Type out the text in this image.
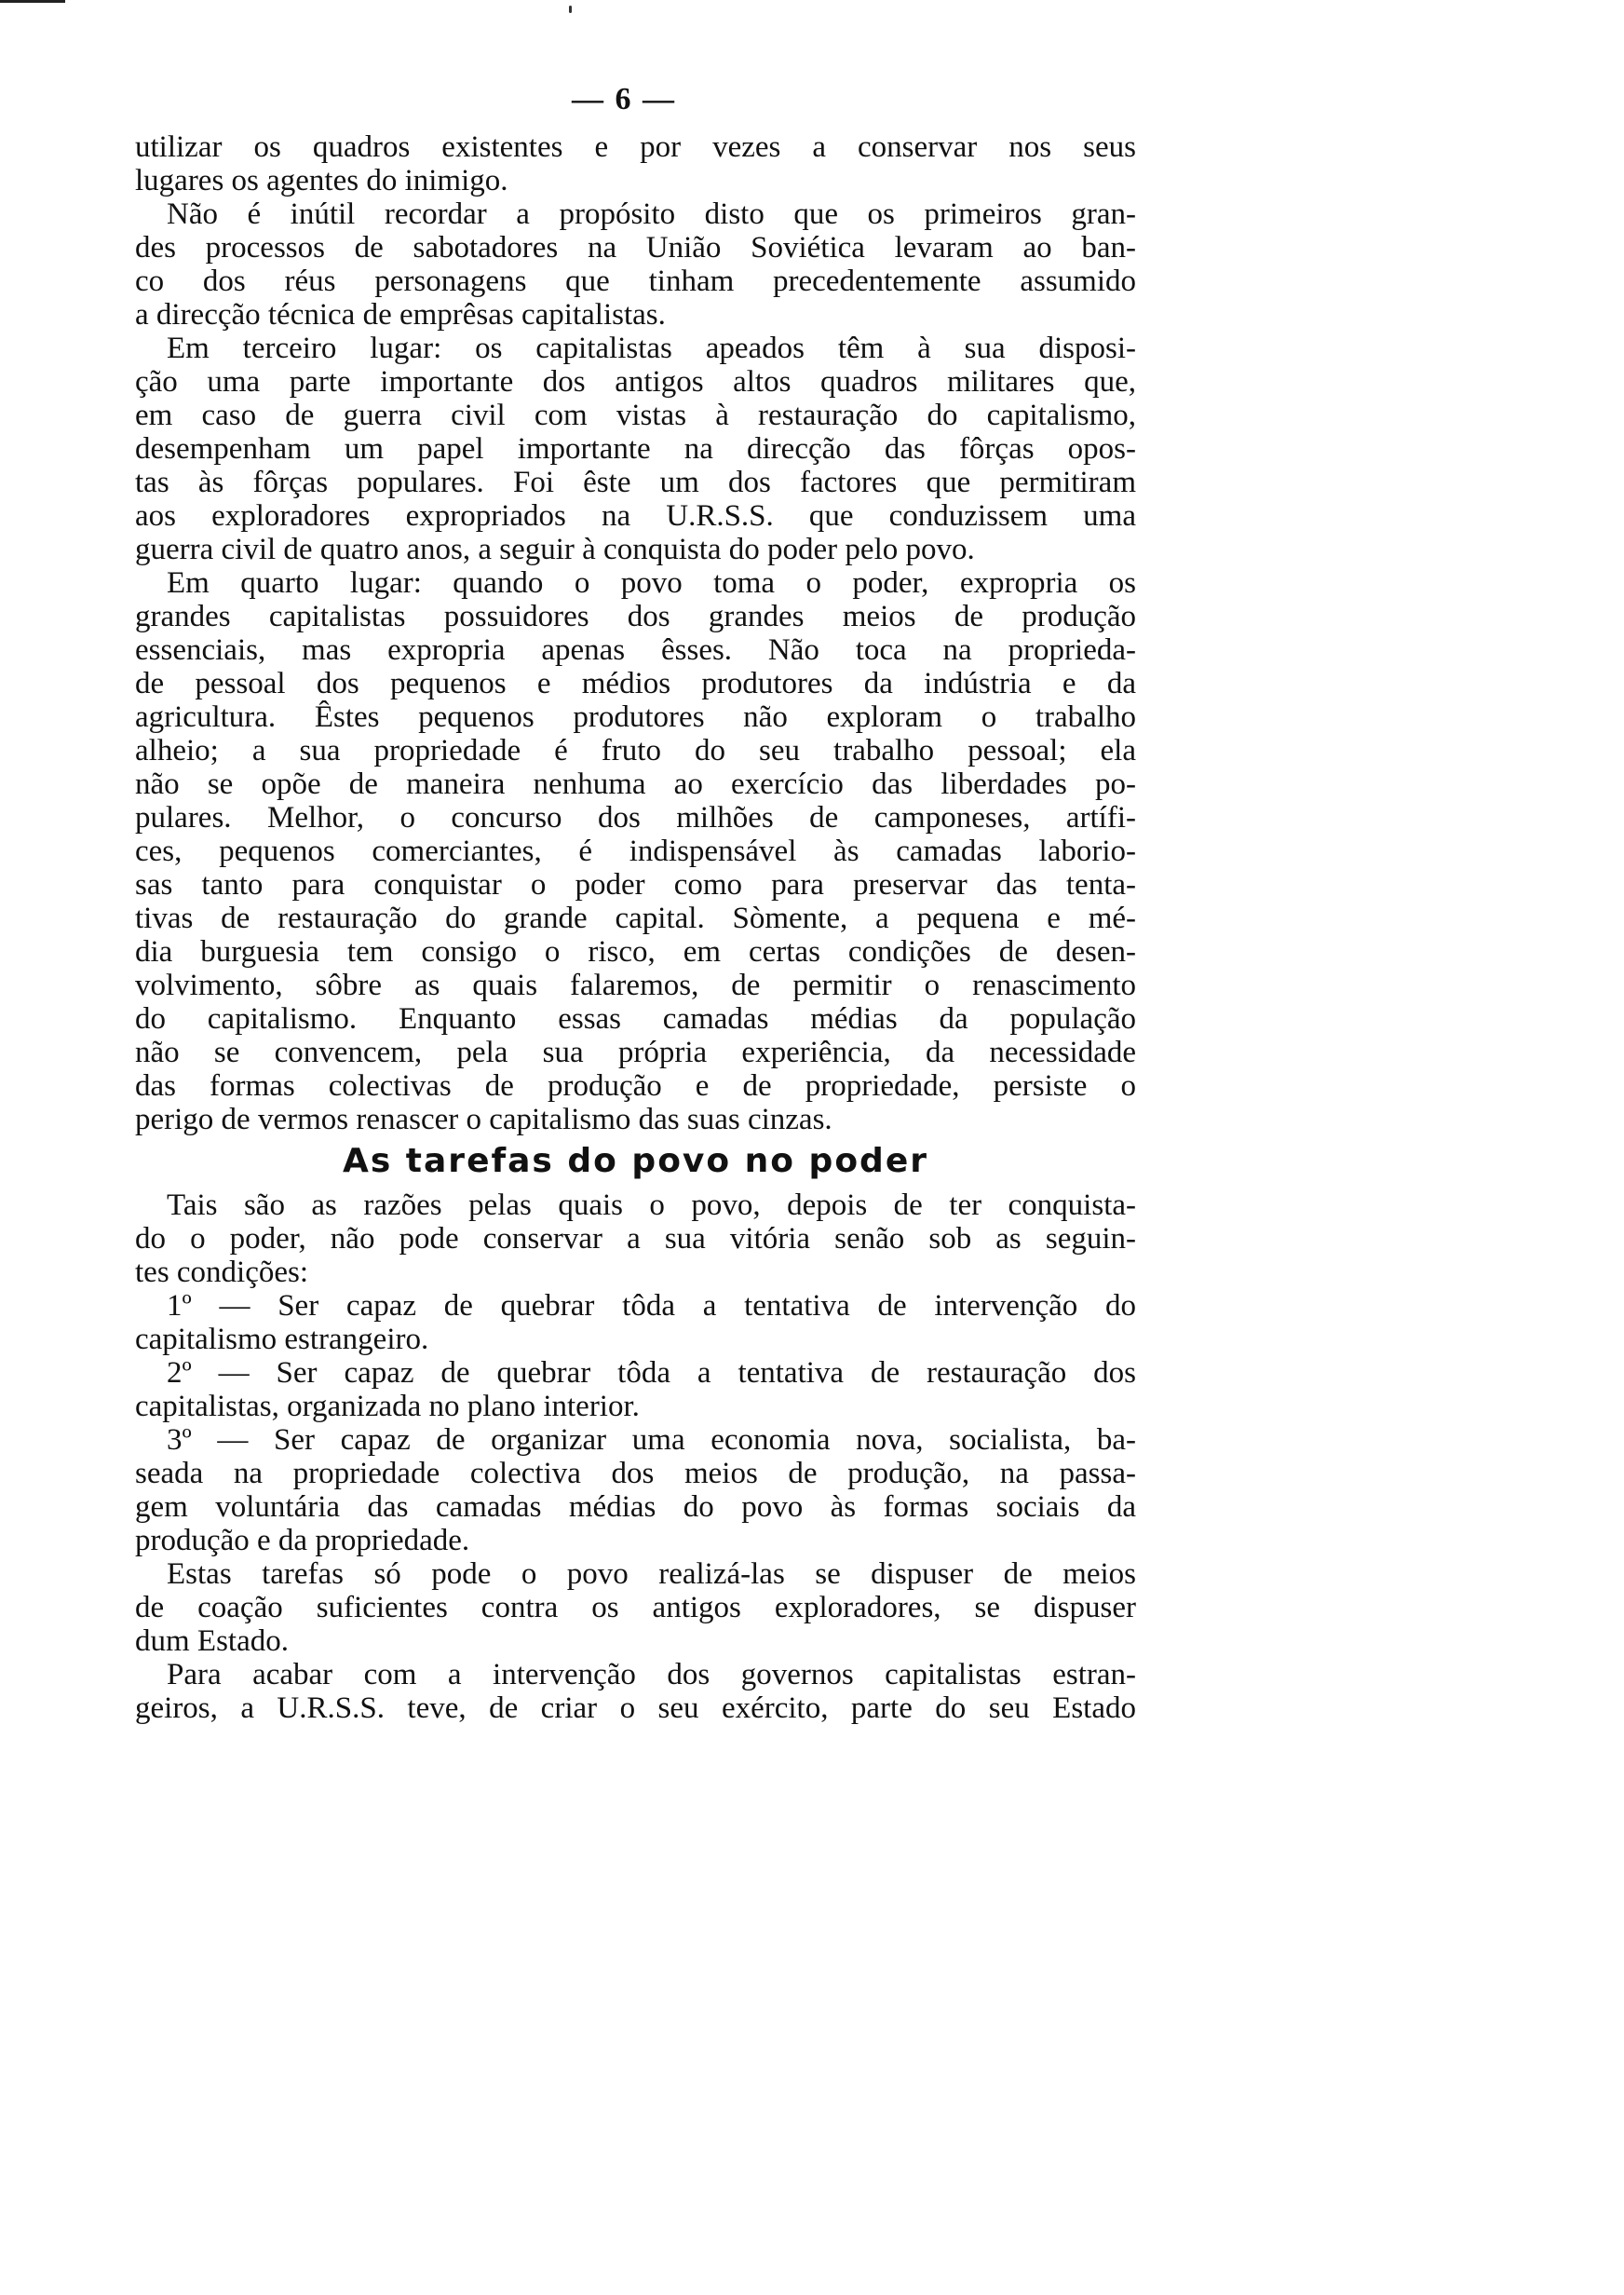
— 6 —
utilizar os quadros existentes e por vezes a conservar nos seus
lugares os agentes do inimigo.
Não é inútil recordar a propósito disto que os primeiros gran-
des processos de sabotadores na União Soviética levaram ao ban-
co dos réus personagens que tinham precedentemente assumido
a direcção técnica de emprêsas capitalistas.
Em terceiro lugar: os capitalistas apeados têm à sua disposi-
ção uma parte importante dos antigos altos quadros militares que,
em caso de guerra civil com vistas à restauração do capitalismo,
desempenham um papel importante na direcção das fôrças opos-
tas às fôrças populares. Foi êste um dos factores que permitiram
aos exploradores expropriados na U.R.S.S. que conduzissem uma
guerra civil de quatro anos, a seguir à conquista do poder pelo povo.
Em quarto lugar: quando o povo toma o poder, expropria os
grandes capitalistas possuidores dos grandes meios de produção
essenciais, mas expropria apenas êsses. Não toca na proprieda-
de pessoal dos pequenos e médios produtores da indústria e da
agricultura. Êstes pequenos produtores não exploram o trabalho
alheio; a sua propriedade é fruto do seu trabalho pessoal; ela
não se opõe de maneira nenhuma ao exercício das liberdades po-
pulares. Melhor, o concurso dos milhões de camponeses, artífi-
ces, pequenos comerciantes, é indispensável às camadas laborio-
sas tanto para conquistar o poder como para preservar das tenta-
tivas de restauração do grande capital. Sòmente, a pequena e mé-
dia burguesia tem consigo o risco, em certas condições de desen-
volvimento, sôbre as quais falaremos, de permitir o renascimento
do capitalismo. Enquanto essas camadas médias da população
não se convencem, pela sua própria experiência, da necessidade
das formas colectivas de produção e de propriedade, persiste o
perigo de vermos renascer o capitalismo das suas cinzas.
As tarefas do povo no poder
Tais são as razões pelas quais o povo, depois de ter conquista-
do o poder, não pode conservar a sua vitória senão sob as seguin-
tes condições:
1º — Ser capaz de quebrar tôda a tentativa de intervenção do
capitalismo estrangeiro.
2º — Ser capaz de quebrar tôda a tentativa de restauração dos
capitalistas, organizada no plano interior.
3º — Ser capaz de organizar uma economia nova, socialista, ba-
seada na propriedade colectiva dos meios de produção, na passa-
gem voluntária das camadas médias do povo às formas sociais da
produção e da propriedade.
Estas tarefas só pode o povo realizá-las se dispuser de meios
de coação suficientes contra os antigos exploradores, se dispuser
dum Estado.
Para acabar com a intervenção dos governos capitalistas estran-
geiros, a U.R.S.S. teve, de criar o seu exército, parte do seu Estado
